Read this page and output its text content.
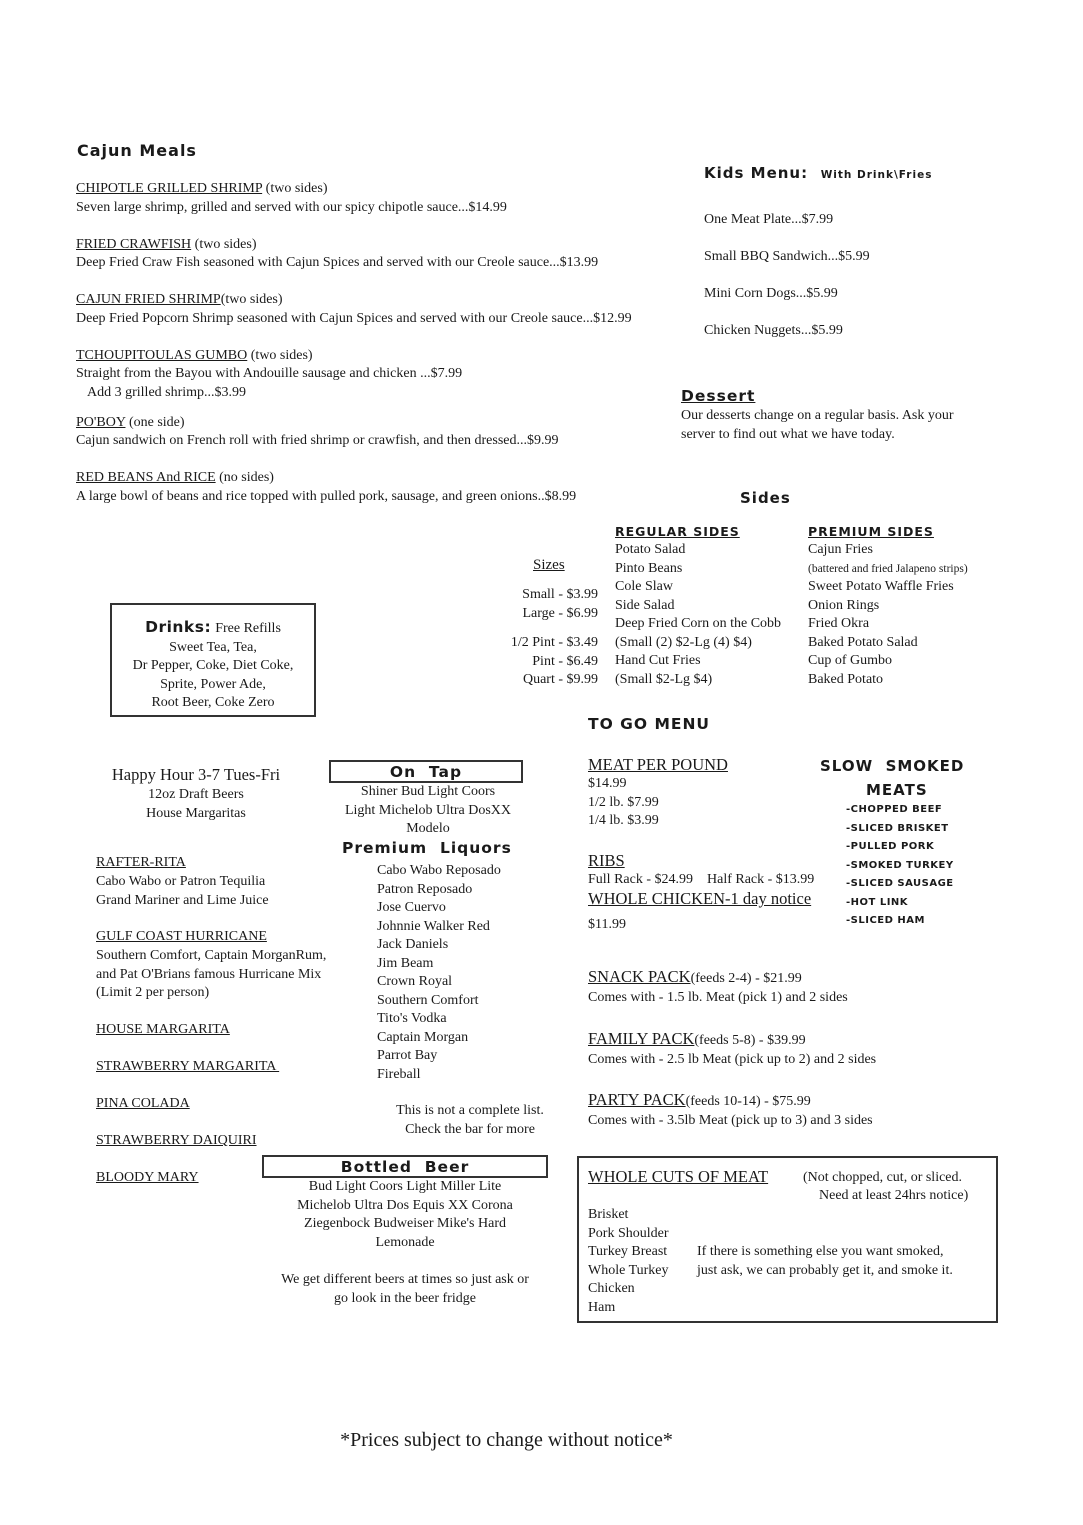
Cajun Meals
CHIPOTLE GRILLED SHRIMP (two sides)
Seven large shrimp, grilled and served with our spicy chipotle sauce...$14.99
FRIED CRAWFISH (two sides)
Deep Fried Craw Fish seasoned with Cajun Spices and served with our Creole sauce...$13.99
CAJUN FRIED SHRIMP(two sides)
Deep Fried Popcorn Shrimp seasoned with Cajun Spices and served with our Creole sauce...$12.99
TCHOUPITOULAS GUMBO (two sides)
Straight from the Bayou with Andouille sausage and chicken ...$7.99
Add 3 grilled shrimp...$3.99
PO'BOY (one side)
Cajun sandwich on French roll with fried shrimp or crawfish, and then dressed...$9.99
RED BEANS And RICE (no sides)
A large bowl of beans and rice topped with pulled pork, sausage, and green onions..$8.99
Kids Menu: With Drink\Fries
One Meat Plate...$7.99
Small BBQ Sandwich...$5.99
Mini Corn Dogs...$5.99
Chicken Nuggets...$5.99
Dessert
Our desserts change on a regular basis. Ask your
server to find out what we have today.
Sides
REGULAR SIDES	PREMIUM SIDES
Potato Salad
Pinto Beans
Cole Slaw
Side Salad
Deep Fried Corn on the Cobb
(Small (2) $2-Lg (4) $4)
Hand Cut Fries
(Small $2-Lg $4)
Cajun Fries
(battered and fried Jalapeno strips)
Sweet Potato Waffle Fries
Onion Rings
Fried Okra
Baked Potato Salad
Cup of Gumbo
Baked Potato
Sizes
Small - $3.99
Large - $6.99
1/2 Pint - $3.49
Pint - $6.49
Quart - $9.99
Drinks: Free Refills
Sweet Tea, Tea,
Dr Pepper, Coke, Diet Coke,
Sprite, Power Ade,
Root Beer, Coke Zero
TO GO MENU
MEAT PER POUND
$14.99
1/2 lb. $7.99
1/4 lb. $3.99
RIBS
Full Rack - $24.99    Half Rack - $13.99
WHOLE CHICKEN-1 day notice
$11.99
SNACK PACK(feeds 2-4) - $21.99
Comes with - 1.5 lb. Meat (pick 1) and 2 sides
FAMILY PACK(feeds 5-8) - $39.99
Comes with - 2.5 lb Meat (pick up to 2) and 2 sides
PARTY PACK(feeds 10-14) - $75.99
Comes with - 3.5lb Meat (pick up to 3) and 3 sides
SLOW  SMOKED
MEATS
-CHOPPED BEEF
-SLICED BRISKET
-PULLED PORK
-SMOKED TURKEY
-SLICED SAUSAGE
-HOT LINK
-SLICED HAM
Happy Hour 3-7 Tues-Fri
12oz Draft Beers
House Margaritas
On  Tap
Shiner Bud Light Coors
Light Michelob Ultra DosXX
Modelo
Premium  Liquors
Cabo Wabo Reposado
Patron Reposado
Jose Cuervo
Johnnie Walker Red
Jack Daniels
Jim Beam
Crown Royal
Southern Comfort
Tito's Vodka
Captain Morgan
Parrot Bay
Fireball
This is not a complete list.
Check the bar for more
RAFTER-RITA
Cabo Wabo or Patron Tequilia
Grand Mariner and Lime Juice
GULF COAST HURRICANE
Southern Comfort, Captain MorganRum,
and Pat O'Brians famous Hurricane Mix
(Limit 2 per person)
HOUSE MARGARITA
STRAWBERRY MARGARITA
PINA COLADA
STRAWBERRY DAIQUIRI
BLOODY MARY
Bottled  Beer
Bud Light Coors Light Miller Lite
Michelob Ultra Dos Equis XX Corona
Ziegenbock Budweiser Mike's Hard
Lemonade
We get different beers at times so just ask or
go look in the beer fridge
WHOLE CUTS OF MEAT (Not chopped, cut, or sliced.
Need at least 24hrs notice)
Brisket
Pork Shoulder
Turkey Breast
Whole Turkey
Chicken
Ham
If there is something else you want smoked,
just ask, we can probably get it, and smoke it.
*Prices subject to change without notice*
